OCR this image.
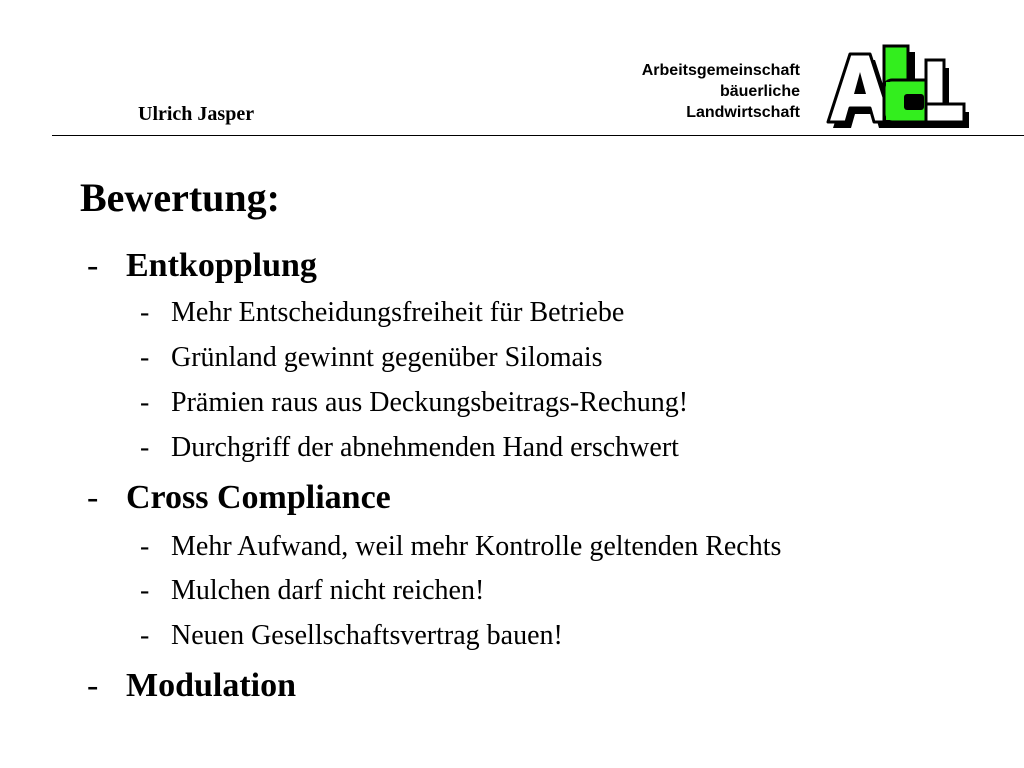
Ulrich Jasper
Arbeitsgemeinschaft
bäuerliche
Landwirtschaft
Bewertung:
- Entkopplung
- Mehr Entscheidungsfreiheit für Betriebe
- Grünland gewinnt gegenüber Silomais
- Prämien raus aus Deckungsbeitrags-Rechung!
- Durchgriff der abnehmenden Hand erschwert
- Cross Compliance
- Mehr Aufwand, weil mehr Kontrolle geltenden Rechts
- Mulchen darf nicht reichen!
- Neuen Gesellschaftsvertrag bauen!
- Modulation
